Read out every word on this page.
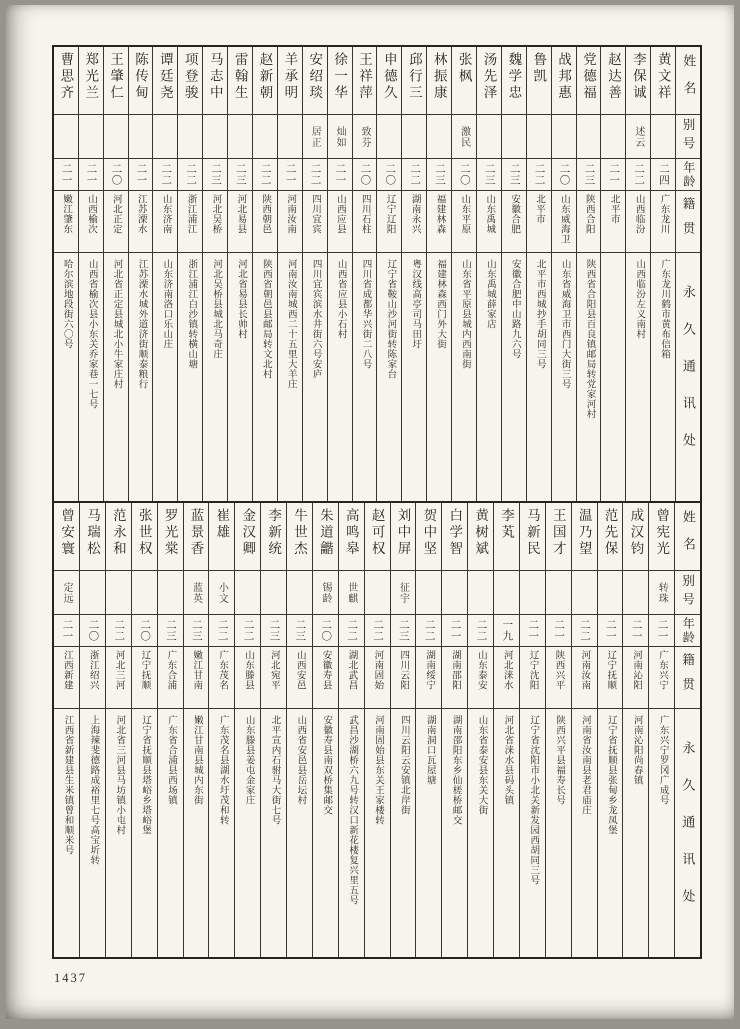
姓名
别号
年龄
籍贯
永久通讯处
黄文祥
二四
广东龙川
广东龙川鹤市黄布信箱
李保诚
述云
二二
山西临汾
山西临汾左义南村
赵达善
二一
北平市
党德福
二三
陕西合阳
陕西省合阳县百良镇邮局转党家河村
战邦惠
二〇
山东威海卫
山东省威海卫市西门大街三号
鲁凯
二二
北平市
北平市西城抄手胡同三号
魏学忠
二三
安徽合肥
安徽合肥中山路九六号
汤先泽
二三
山东禹城
山东禹城薛家店
张枫
激民
二〇
山东平原
山东省平原县城内西南街
林振康
二三
福建林森
福建林森西门外大街
邱行三
二二
湖南永兴
粤汉线高亭司马田圩
申德久
二〇
辽宁辽阳
辽宁省鞍山沙河街转陈家台
王祥萍
致芬
二〇
四川石柱
四川省成都华兴街二八号
徐一华
灿如
二一
山西应县
山西省应县小石村
安绍琰
居正
二二
四川宜宾
四川宜宾滨水井街六号安庐
羊承明
二一
河南汝南
河南汝南城西二十五里大羊庄
赵新朝
二二
陕西朝邑
陕西省朝邑县邮局转文北村
雷翰生
二三
河北易县
河北省易县长帅村
马志中
二三
河北吴桥
河北吴桥县城北马奇庄
项登骏
二二
浙江浦江
浙江浦江白沙镇转横山塘
谭廷尧
二二
山东济南
山东济南洛口乐山庄
陈传甸
二一
江苏溧水
江苏溧水城外道济街顺泰粮行
王肇仁
二〇
河北正定
河北省正定县城北小牛家庄村
郑光兰
二一
山西榆次
山西省榆次县小东关乔家巷一七号
曹思齐
二一
嫩江肇东
哈尔滨地段街六〇号
姓名
别号
年龄
籍贯
永久通讯处
曾宪光
转珠
二一
广东兴宁
广东兴宁罗冈广成号
成汉钧
二一
河南沁阳
河南沁阳尚春镇
范先保
二一
辽宁抚顺
辽宁省抚顺县张甸乡龙凤堡
温乃望
二二
河南汝南
河南省汝南县老君庙庄
王国才
二一
陕西兴平
陕西兴平县福寿长号
马新民
二一
辽宁沈阳
辽宁省沈阳市小北关新发园西胡同三号
李芄
一九
河北涞水
河北省涞水县码头镇
黄树斌
二二
山东泰安
山东省泰安县东关大街
白学智
二一
湖南邵阳
湖南邵阳东乡仙槎桥邮交
贺中坚
二二
湖南绥宁
湖南洞口瓦屋塘
刘中屏
征宇
二三
四川云阳
四川云阳云安镇北岸街
赵可权
二二
河南固始
河南固始县东关王家楼转
高鸣皋
世麒
二二
湖北武昌
武昌沙湖桥六九号转汉口新花楼复兴里五号
朱道龤
锡龄
二〇
安徽寿县
安徽寿县南双桥集邮交
牛世杰
二三
山西安邑
山西省安邑县岳坛村
李新统
二三
河北宛平
北平宣内石驸马大街七号
金汉卿
二二
山东滕县
山东滕县姜屯金家庄
崔雄
小文
二二
广东茂名
广东茂名县湖水圩茂和转
蓝景香
蓝英
二三
嫩江甘南
嫩江甘南县城内东街
罗光棠
二三
广东合浦
广东省合浦县西场镇
张世权
二〇
辽宁抚顺
辽宁省抚顺县塔峪乡塔峪堡
范永和
二二
河北三河
河北省三河县马坊镇小屯村
马瑞松
二〇
浙江绍兴
上海辣斐德路成裕里七号高宝圻转
曾安寰
定远
二一
江西新建
江西省新建县生米镇曾和顺米号
1437
